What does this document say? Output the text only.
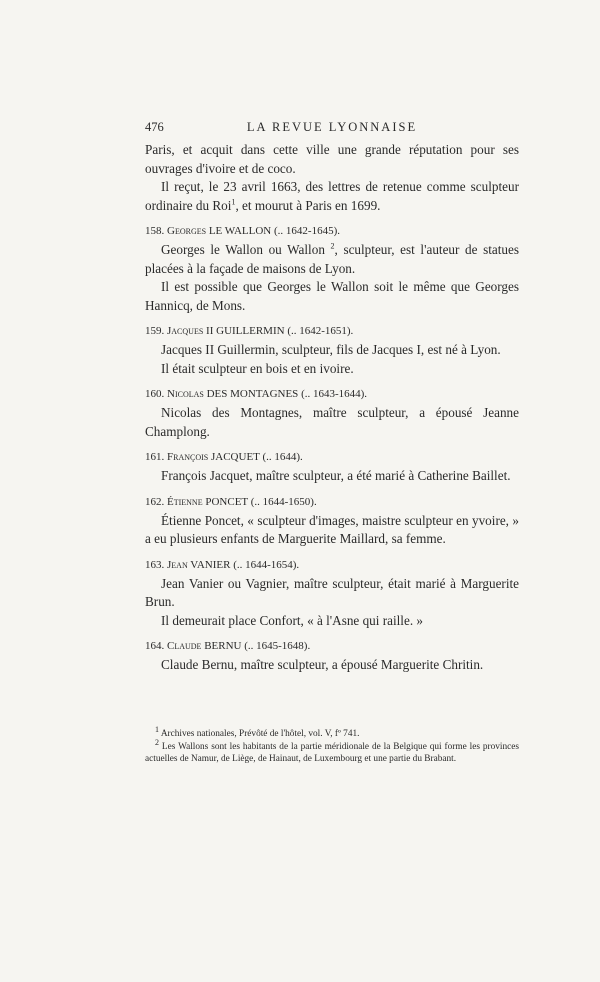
476	LA REVUE LYONNAISE

Paris, et acquit dans cette ville une grande réputation pour ses ouvrages d'ivoire et de coco.

Il reçut, le 23 avril 1663, des lettres de retenue comme sculpteur ordinaire du Roi$^1$, et mourut à Paris en 1699.

158. Georges LE WALLON (.. 1642-1645).

Georges le Wallon ou Wallon $^2$, sculpteur, est l'auteur de statues placées à la façade de maisons de Lyon.

Il est possible que Georges le Wallon soit le même que Georges Hannicq, de Mons.

159. Jacques II GUILLERMIN (.. 1642-1651).

Jacques II Guillermin, sculpteur, fils de Jacques I, est né à Lyon.

Il était sculpteur en bois et en ivoire.

160. Nicolas DES MONTAGNES (.. 1643-1644).

Nicolas des Montagnes, maître sculpteur, a épousé Jeanne Champlong.

161. François JACQUET (.. 1644).

François Jacquet, maître sculpteur, a été marié à Catherine Baillet.

162. Étienne PONCET (.. 1644-1650).

Étienne Poncet, « sculpteur d'images, maistre sculpteur en yvoire, » a eu plusieurs enfants de Marguerite Maillard, sa femme.

163. Jean VANIER (.. 1644-1654).

Jean Vanier ou Vagnier, maître sculpteur, était marié à Marguerite Brun.

Il demeurait place Confort, « à l'Asne qui raille. »

164. Claude BERNU (.. 1645-1648).

Claude Bernu, maître sculpteur, a épousé Marguerite Chritin.

$^1$ Archives nationales, Prévôté de l'hôtel, vol. V, fº 741.

$^2$ Les Wallons sont les habitants de la partie méridionale de la Belgique qui forme les provinces actuelles de Namur, de Liège, de Hainaut, de Luxembourg et une partie du Brabant.
